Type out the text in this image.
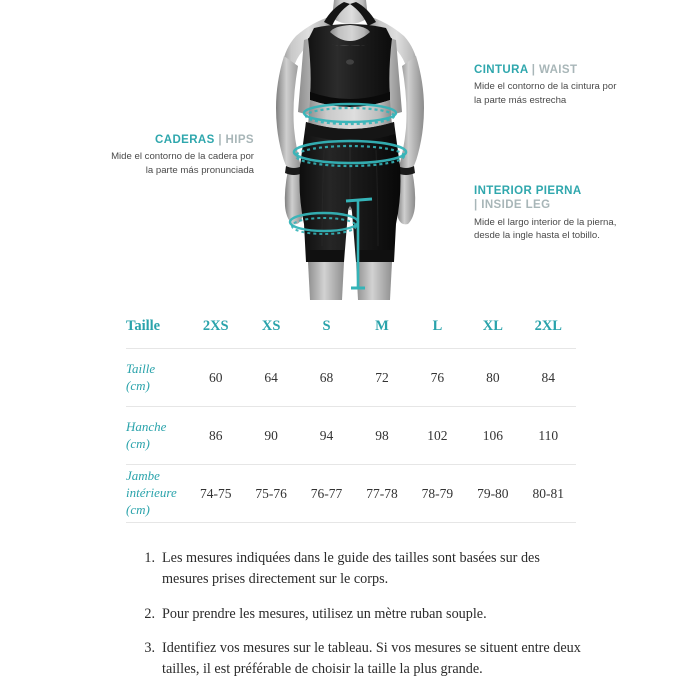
CINTURA | WAIST
Mide el contorno de la cintura por la parte más estrecha
INTERIOR PIERNA
| INSIDE LEG
Mide el largo interior de la pierna, desde la ingle hasta el tobillo.
CADERAS | HIPS
Mide el contorno de la cadera por la parte más pronunciada
Taille	2XS	XS	S	M	L	XL	2XL
Taille
(cm)	60	64	68	72	76	80	84
Hanche
(cm)	86	90	94	98	102	106	110
Jambe intérieure
(cm)	74-75	75-76	76-77	77-78	78-79	79-80	80-81
1. Les mesures indiquées dans le guide des tailles sont basées sur des mesures prises directement sur le corps.
2. Pour prendre les mesures, utilisez un mètre ruban souple.
3. Identifiez vos mesures sur le tableau. Si vos mesures se situent entre deux tailles, il est préférable de choisir la taille la plus grande.
